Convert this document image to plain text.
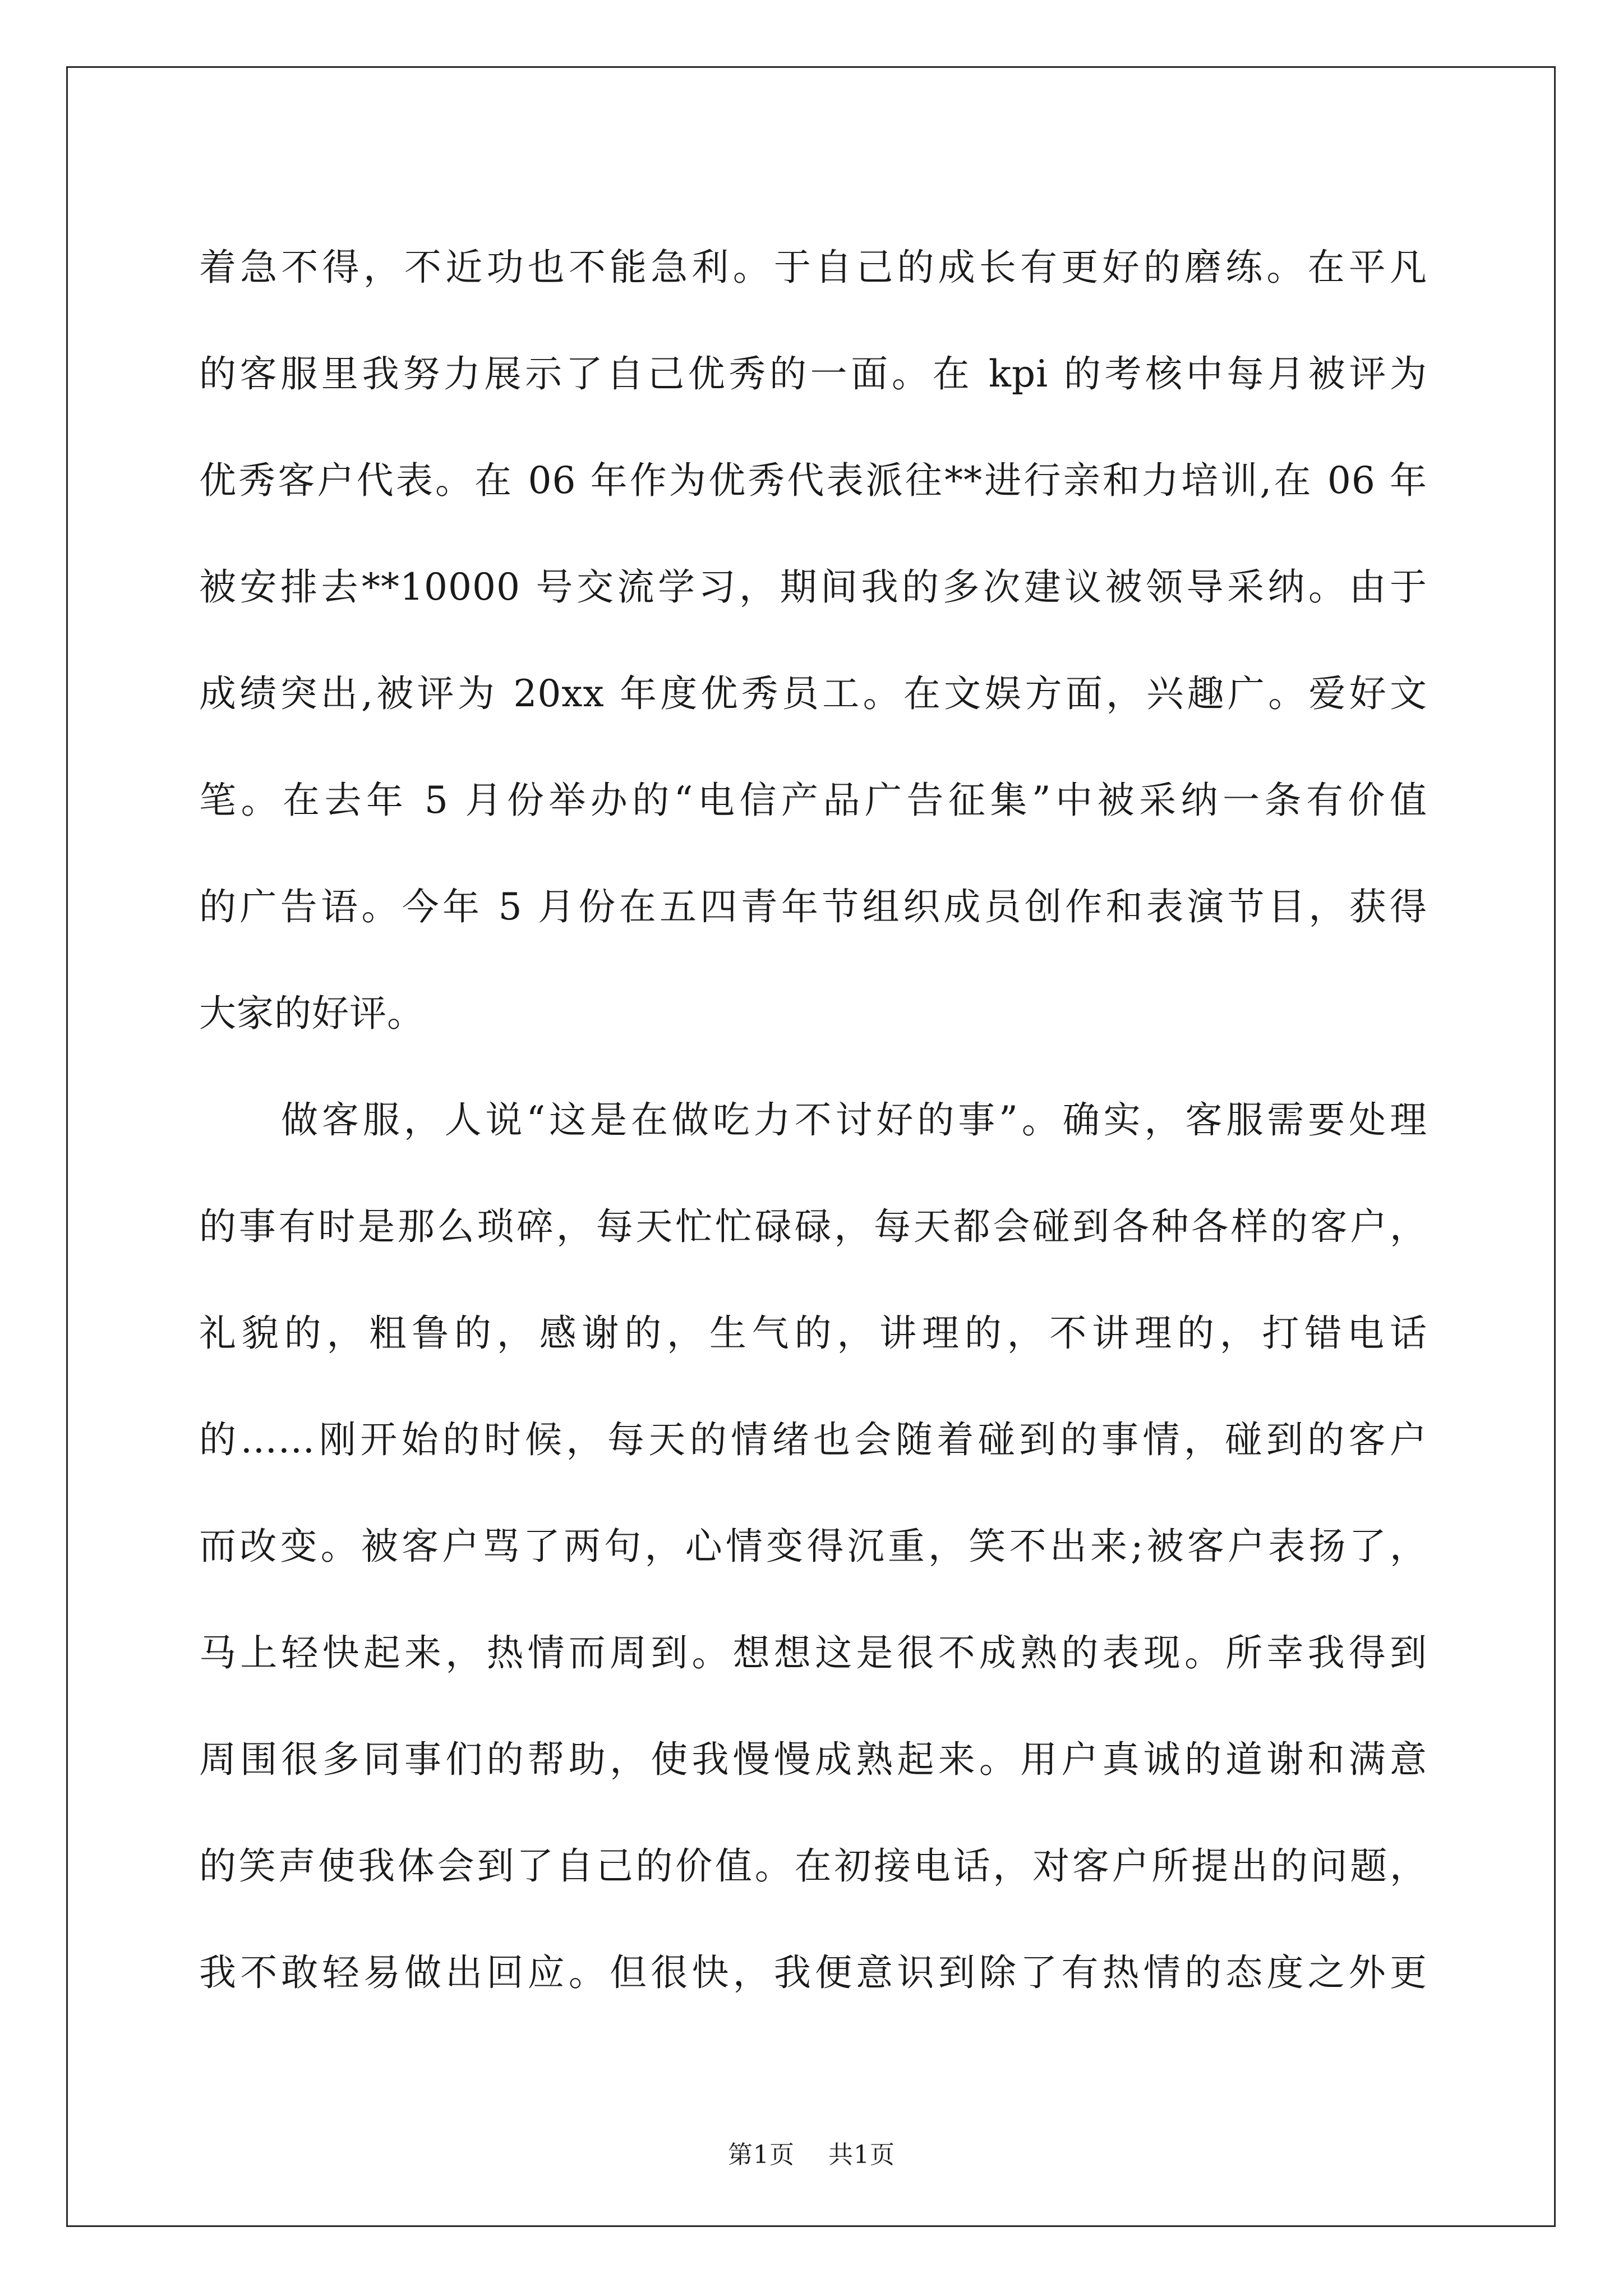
着急不得，不近功也不能急利。于自己的成长有更好的磨练。在平凡
的客服里我努力展示了自己优秀的一面。在 kpi 的考核中每月被评为
优秀客户代表。在 06 年作为优秀代表派往**进行亲和力培训,在 06 年
被安排去**10000 号交流学习，期间我的多次建议被领导采纳。由于
成绩突出,被评为 20xx 年度优秀员工。在文娱方面，兴趣广。爱好文
笔。在去年 5 月份举办的“电信产品广告征集”中被采纳一条有价值
的广告语。今年 5 月份在五四青年节组织成员创作和表演节目，获得
大家的好评。

做客服，人说“这是在做吃力不讨好的事”。确实，客服需要处理
的事有时是那么琐碎，每天忙忙碌碌，每天都会碰到各种各样的客户，
礼貌的，粗鲁的，感谢的，生气的，讲理的，不讲理的，打错电话
的……刚开始的时候，每天的情绪也会随着碰到的事情，碰到的客户
而改变。被客户骂了两句，心情变得沉重，笑不出来;被客户表扬了，
马上轻快起来，热情而周到。想想这是很不成熟的表现。所幸我得到
周围很多同事们的帮助，使我慢慢成熟起来。用户真诚的道谢和满意
的笑声使我体会到了自己的价值。在初接电话，对客户所提出的问题，
我不敢轻易做出回应。但很快，我便意识到除了有热情的态度之外更

第1页 共1页
